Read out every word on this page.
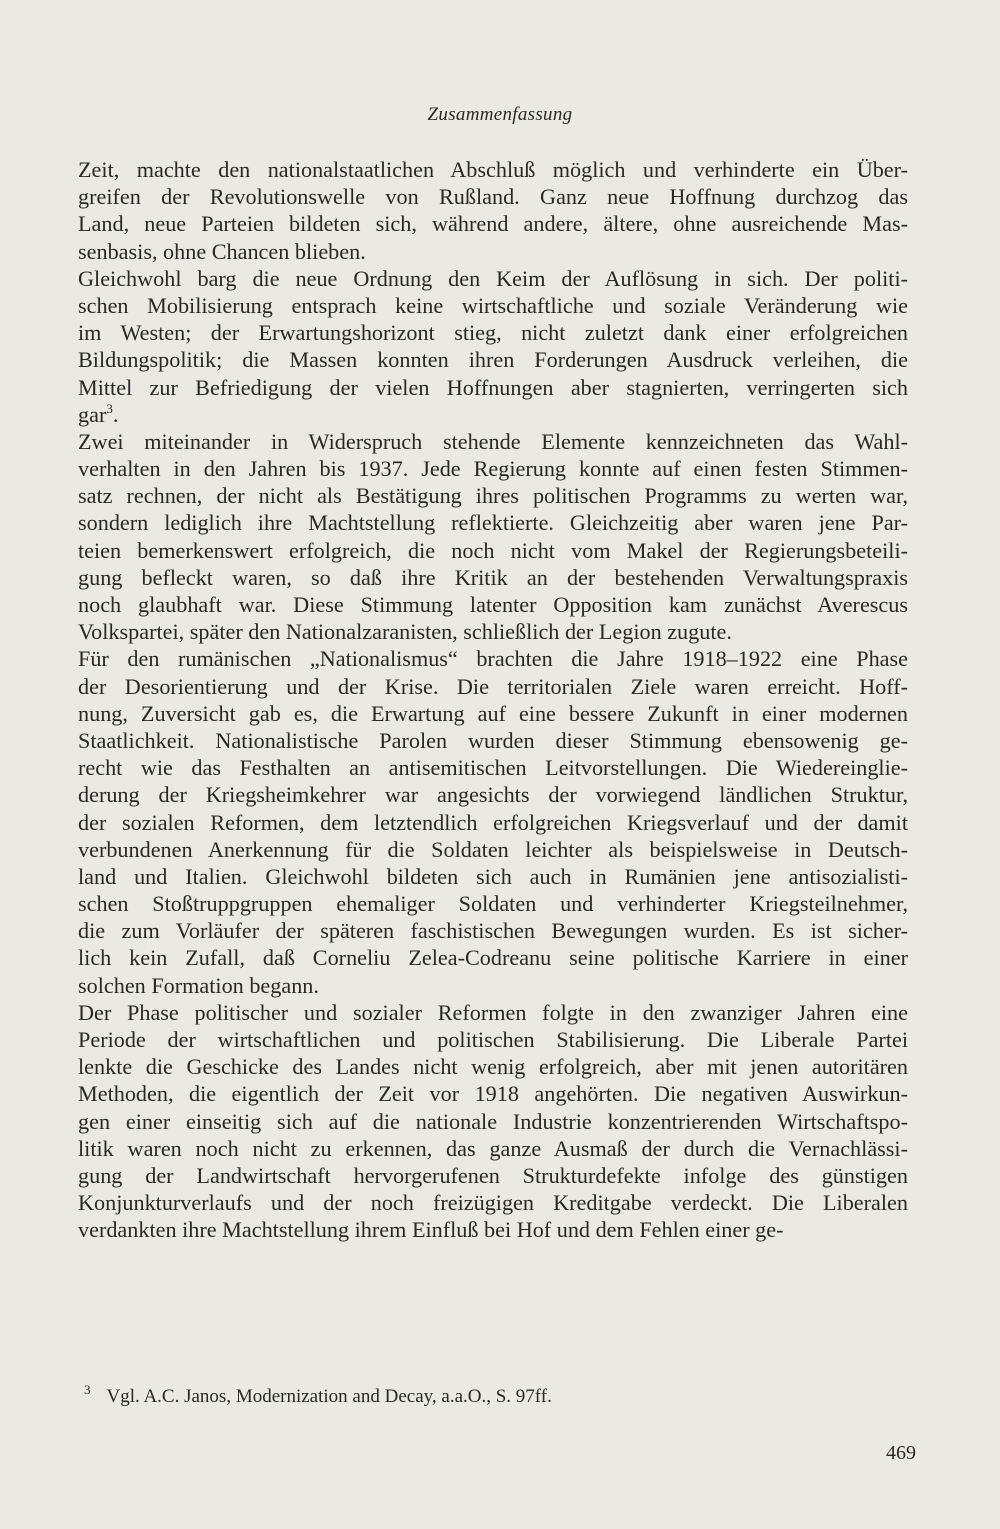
Zusammenfassung
Zeit, machte den nationalstaatlichen Abschluß möglich und verhinderte ein Über-
greifen der Revolutionswelle von Rußland. Ganz neue Hoffnung durchzog das
Land, neue Parteien bildeten sich, während andere, ältere, ohne ausreichende Mas-
senbasis, ohne Chancen blieben.
Gleichwohl barg die neue Ordnung den Keim der Auflösung in sich. Der politi-
schen Mobilisierung entsprach keine wirtschaftliche und soziale Veränderung wie
im Westen; der Erwartungshorizont stieg, nicht zuletzt dank einer erfolgreichen
Bildungspolitik; die Massen konnten ihren Forderungen Ausdruck verleihen, die
Mittel zur Befriedigung der vielen Hoffnungen aber stagnierten, verringerten sich
gar$^3$.
Zwei miteinander in Widerspruch stehende Elemente kennzeichneten das Wahl-
verhalten in den Jahren bis 1937. Jede Regierung konnte auf einen festen Stimmen-
satz rechnen, der nicht als Bestätigung ihres politischen Programms zu werten war,
sondern lediglich ihre Machtstellung reflektierte. Gleichzeitig aber waren jene Par-
teien bemerkenswert erfolgreich, die noch nicht vom Makel der Regierungsbeteili-
gung befleckt waren, so daß ihre Kritik an der bestehenden Verwaltungspraxis
noch glaubhaft war. Diese Stimmung latenter Opposition kam zunächst Averescus
Volkspartei, später den Nationalzaranisten, schließlich der Legion zugute.
Für den rumänischen „Nationalismus“ brachten die Jahre 1918–1922 eine Phase
der Desorientierung und der Krise. Die territorialen Ziele waren erreicht. Hoff-
nung, Zuversicht gab es, die Erwartung auf eine bessere Zukunft in einer modernen
Staatlichkeit. Nationalistische Parolen wurden dieser Stimmung ebensowenig ge-
recht wie das Festhalten an antisemitischen Leitvorstellungen. Die Wiedereinglie-
derung der Kriegsheimkehrer war angesichts der vorwiegend ländlichen Struktur,
der sozialen Reformen, dem letztendlich erfolgreichen Kriegsverlauf und der damit
verbundenen Anerkennung für die Soldaten leichter als beispielsweise in Deutsch-
land und Italien. Gleichwohl bildeten sich auch in Rumänien jene antisozialisti-
schen Stoßtruppgruppen ehemaliger Soldaten und verhinderter Kriegsteilnehmer,
die zum Vorläufer der späteren faschistischen Bewegungen wurden. Es ist sicher-
lich kein Zufall, daß Corneliu Zelea-Codreanu seine politische Karriere in einer
solchen Formation begann.
Der Phase politischer und sozialer Reformen folgte in den zwanziger Jahren eine
Periode der wirtschaftlichen und politischen Stabilisierung. Die Liberale Partei
lenkte die Geschicke des Landes nicht wenig erfolgreich, aber mit jenen autoritären
Methoden, die eigentlich der Zeit vor 1918 angehörten. Die negativen Auswirkun-
gen einer einseitig sich auf die nationale Industrie konzentrierenden Wirtschaftspo-
litik waren noch nicht zu erkennen, das ganze Ausmaß der durch die Vernachlässi-
gung der Landwirtschaft hervorgerufenen Strukturdefekte infolge des günstigen
Konjunkturverlaufs und der noch freizügigen Kreditgabe verdeckt. Die Liberalen
verdankten ihre Machtstellung ihrem Einfluß bei Hof und dem Fehlen einer ge-
$^3$ Vgl. A.C. Janos, Modernization and Decay, a.a.O., S. 97ff.
469
